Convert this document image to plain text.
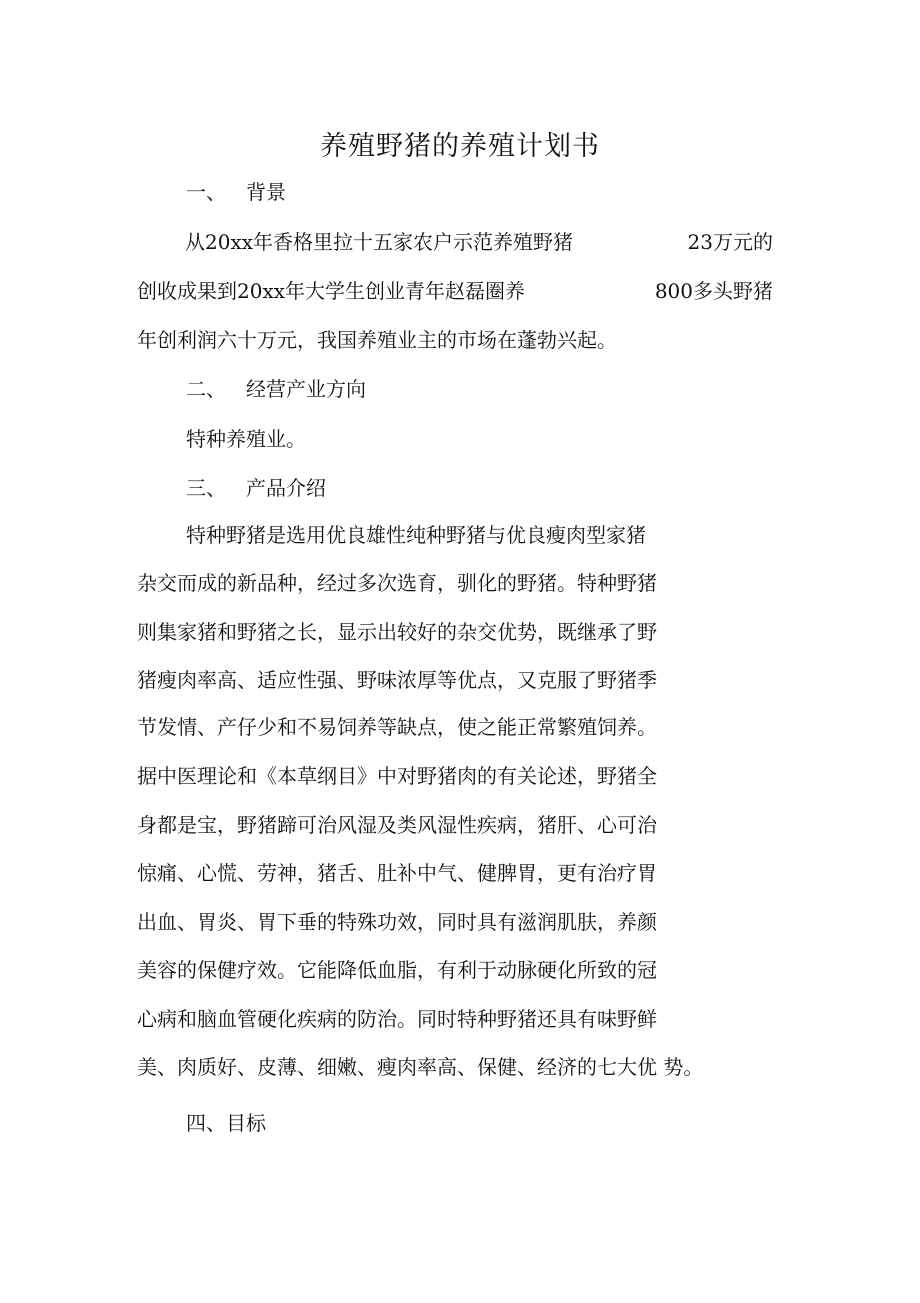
养殖野猪的养殖计划书
一、 背景
从20xx年香格里拉十五家农户示范养殖野猪	23万元的
创收成果到20xx年大学生创业青年赵磊圈养	800多头野猪
年创利润六十万元，我国养殖业主的市场在蓬勃兴起。
二、 经营产业方向
特种养殖业。
三、 产品介绍
特种野猪是选用优良雄性纯种野猪与优良瘦肉型家猪
杂交而成的新品种，经过多次选育，驯化的野猪。特种野猪
则集家猪和野猪之长，显示出较好的杂交优势，既继承了野
猪瘦肉率高、适应性强、野味浓厚等优点，又克服了野猪季
节发情、产仔少和不易饲养等缺点，使之能正常繁殖饲养。
据中医理论和《本草纲目》中对野猪肉的有关论述，野猪全
身都是宝，野猪蹄可治风湿及类风湿性疾病，猪肝、心可治
惊痛、心慌、劳神，猪舌、肚补中气、健脾胃，更有治疗胃
出血、胃炎、胃下垂的特殊功效，同时具有滋润肌肤，养颜
美容的保健疗效。它能降低血脂，有利于动脉硬化所致的冠
心病和脑血管硬化疾病的防治。同时特种野猪还具有味野鲜
美、肉质好、皮薄、细嫩、瘦肉率高、保健、经济的七大优 势。
四、目标
